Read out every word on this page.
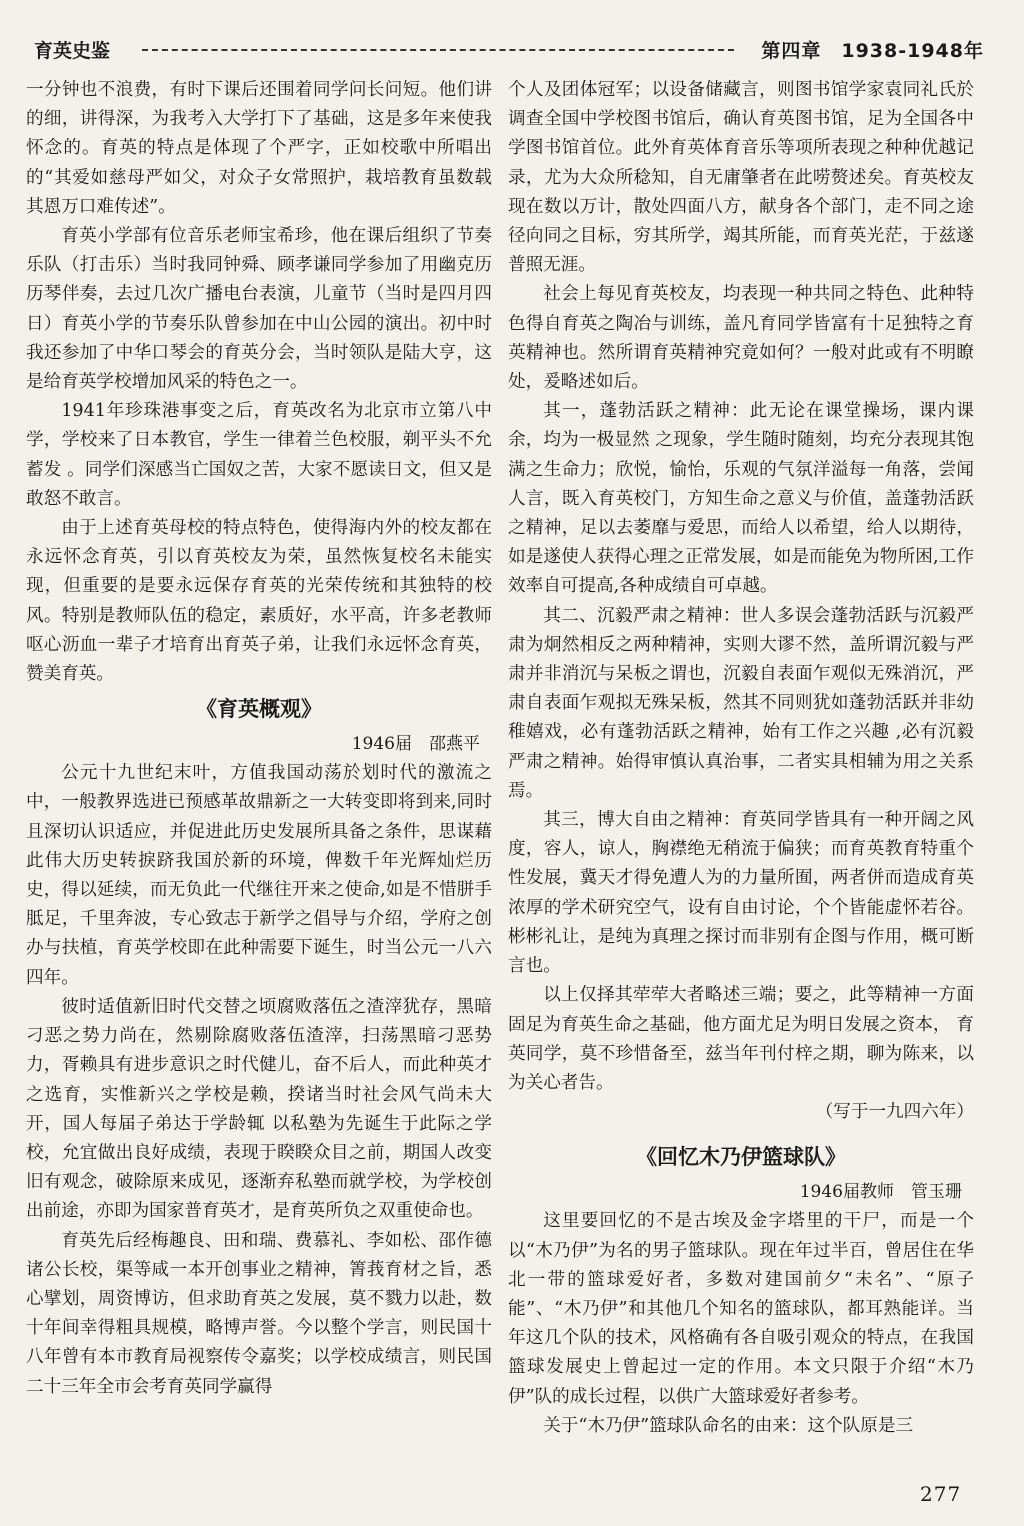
育英史鉴	第四章　1938-1948年

一分钟也不浪费，有时下课后还围着同学问长问短。他们讲的细，讲得深，为我考入大学打下了基础，这是多年来使我怀念的。育英的特点是体现了个严字，正如校歌中所唱出的“其爱如慈母严如父，对众子女常照护，栽培教育虽数载其恩万口难传述”。

育英小学部有位音乐老师宝希珍，他在课后组织了节奏乐队（打击乐）当时我同钟舜、顾孝谦同学参加了用幽克历历琴伴奏，去过几次广播电台表演，儿童节（当时是四月四日）育英小学的节奏乐队曾参加在中山公园的演出。初中时我还参加了中华口琴会的育英分会，当时领队是陆大亨，这是给育英学校增加风采的特色之一。

1941年珍珠港事变之后，育英改名为北京市立第八中学，学校来了日本教官，学生一律着兰色校服，剃平头不允蓄发 。同学们深感当亡国奴之苦，大家不愿读日文，但又是敢怒不敢言。

由于上述育英母校的特点特色，使得海内外的校友都在永远怀念育英，引以育英校友为荣，虽然恢复校名未能实现，但重要的是要永远保存育英的光荣传统和其独特的校风。特别是教师队伍的稳定，素质好，水平高，许多老教师呕心沥血一辈子才培育出育英子弟，让我们永远怀念育英，赞美育英。

《育英概观》

1946届　邵燕平

公元十九世纪末叶，方值我国动荡於划时代的激流之中，一般教界选进已预感革故鼎新之一大转变即将到来,同时且深切认识适应，并促进此历史发展所具备之条件，思谋藉此伟大历史转捩跻我国於新的环境，俾数千年光辉灿烂历史，得以延续，而无负此一代继往开来之使命,如是不惜胼手胝足，千里奔波，专心致志于新学之倡导与介绍，学府之创办与扶植，育英学校即在此种需要下诞生，时当公元一八六四年。

彼时适值新旧时代交替之顷腐败落伍之渣滓犹存，黑暗刁恶之势力尚在，然剔除腐败落伍渣滓，扫荡黑暗刁恶势力，胥赖具有进步意识之时代健儿，奋不后人，而此种英才之选育，实惟新兴之学校是赖，揆诸当时社会风气尚未大开，国人每届子弟达于学龄辄 以私塾为先诞生于此际之学校，允宜做出良好成绩，表现于睽睽众目之前，期国人改变旧有观念，破除原来成见，逐渐弃私塾而就学校，为学校创出前途，亦即为国家普育英才，是育英所负之双重使命也。

育英先后经梅趣良、田和瑞、费慕礼、李如松、邵作德诸公长校，渠等咸一本开创事业之精神，箐莪育材之旨，悉心擘划，周资博访，但求助育英之发展，莫不戮力以赴，数十年间幸得粗具规模，略博声誉。今以整个学言，则民国十八年曾有本市教育局视察传令嘉奖；以学校成绩言，则民国二十三年全市会考育英同学赢得

个人及团体冠军；以设备储藏言，则图书馆学家袁同礼氏於调查全国中学校图书馆后，确认育英图书馆，足为全国各中学图书馆首位。此外育英体育音乐等项所表现之种种优越记录，尤为大众所稔知，自无庸肇者在此唠赘述矣。育英校友现在数以万计，散处四面八方，献身各个部门，走不同之途径向同之目标，穷其所学，竭其所能，而育英光茫，于兹遂普照无涯。

社会上每见育英校友，均表现一种共同之特色、此种特色得自育英之陶冶与训练，盖凡育同学皆富有十足独特之育英精神也。然所谓育英精神究竟如何？一般对此或有不明瞭处，爰略述如后。

其一，蓬勃活跃之精神：此无论在课堂操场，课内课余，均为一极显然 之现象，学生随时随刻，均充分表现其饱满之生命力；欣悦，愉怡，乐观的气氛洋溢每一角落，尝闻人言，既入育英校门，方知生命之意义与价值，盖蓬勃活跃之精神，足以去萎靡与爱思，而给人以希望，给人以期待，如是遂使人获得心理之正常发展，如是而能免为物所困,工作效率自可提高,各种成绩自可卓越。

其二、沉毅严肃之精神：世人多误会蓬勃活跃与沉毅严肃为炯然相反之两种精神，实则大谬不然，盖所谓沉毅与严肃并非消沉与呆板之谓也，沉毅自表面乍观似无殊消沉，严肃自表面乍观拟无殊呆板，然其不同则犹如蓬勃活跃并非幼稚嬉戏，必有蓬勃活跃之精神，始有工作之兴趣 ,必有沉毅严肃之精神。始得审慎认真治事，二者实具相辅为用之关系焉。

其三，博大自由之精神：育英同学皆具有一种开阔之风度，容人，谅人，胸襟绝无稍流于偏狭；而育英教育特重个性发展，冀天才得免遭人为的力量所囿，两者併而造成育英浓厚的学术研究空气，设有自由讨论，个个皆能虚怀若谷。彬彬礼让，是纯为真理之探讨而非别有企图与作用，概可断言也。

以上仅择其荦荦大者略述三端；要之，此等精神一方面固足为育英生命之基础，他方面尤足为明日发展之资本， 育英同学，莫不珍惜备至，兹当年刊付梓之期，聊为陈来，以为关心者告。

（写于一九四六年）

《回忆木乃伊篮球队》

1946届教师　管玉珊

这里要回忆的不是古埃及金字塔里的干尸，而是一个以“木乃伊”为名的男子篮球队。现在年过半百，曾居住在华北一带的篮球爱好者，多数对建国前夕“未名”、“原子能”、“木乃伊”和其他几个知名的篮球队，都耳熟能详。当年这几个队的技术，风格确有各自吸引观众的特点，在我国篮球发展史上曾起过一定的作用。本文只限于介绍“木乃伊”队的成长过程，以供广大篮球爱好者参考。

关于“木乃伊”篮球队命名的由来：这个队原是三

277
